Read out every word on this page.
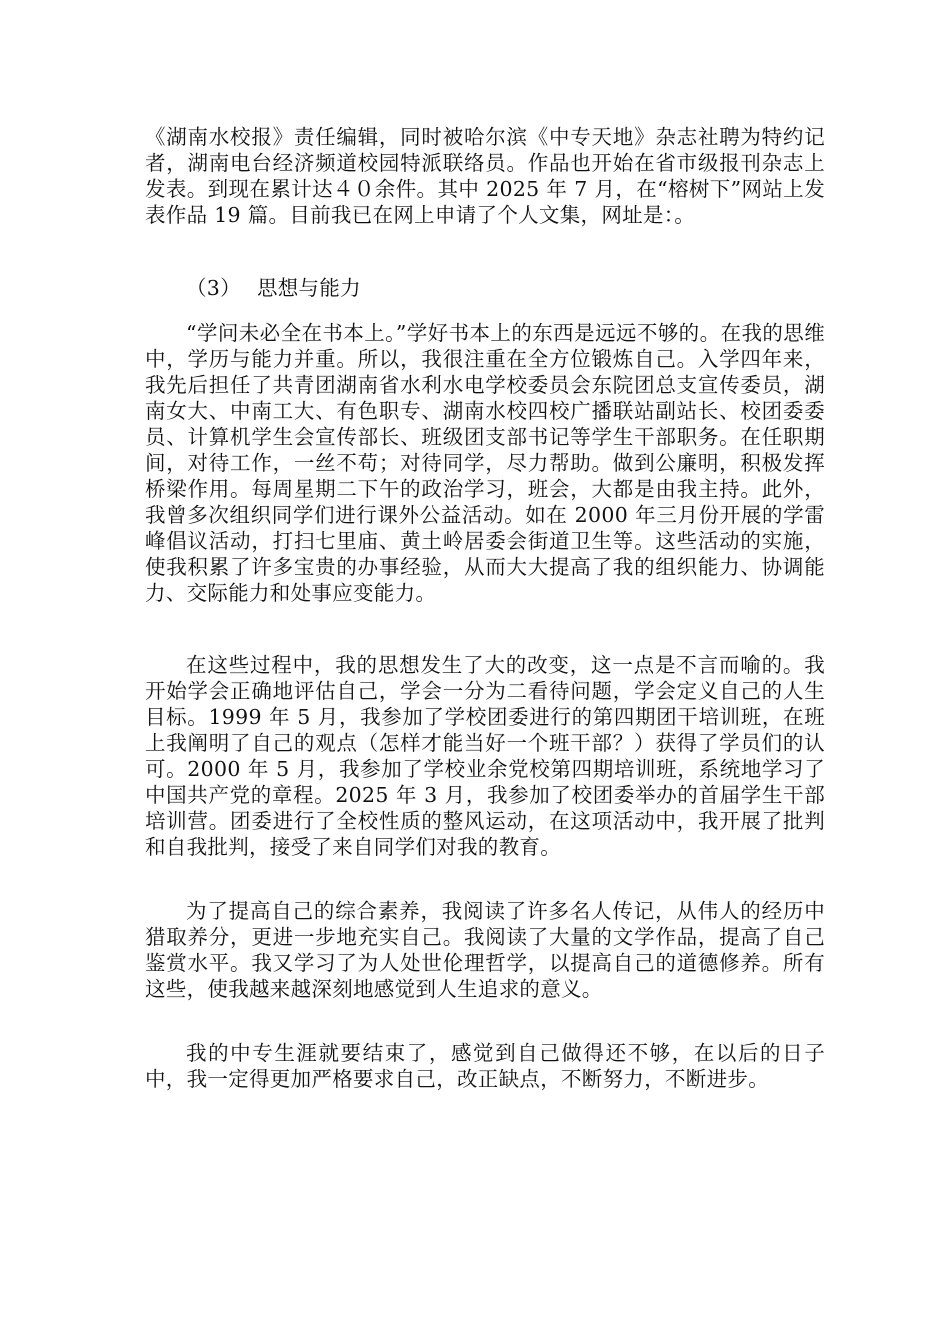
《湖南水校报》责任编辑，同时被哈尔滨《中专天地》杂志社聘为特约记者，湖南电台经济频道校园特派联络员。作品也开始在省市级报刊杂志上发表。到现在累计达４０余件。其中 2025 年 7 月，在“榕树下”网站上发表作品 19 篇。目前我已在网上申请了个人文集，网址是：。

（3） 思想与能力

“学问未必全在书本上。”学好书本上的东西是远远不够的。在我的思维中，学历与能力并重。所以，我很注重在全方位锻炼自己。入学四年来，我先后担任了共青团湖南省水利水电学校委员会东院团总支宣传委员，湖南女大、中南工大、有色职专、湖南水校四校广播联站副站长、校团委委员、计算机学生会宣传部长、班级团支部书记等学生干部职务。在任职期间，对待工作，一丝不苟；对待同学，尽力帮助。做到公廉明，积极发挥桥梁作用。每周星期二下午的政治学习，班会，大都是由我主持。此外，我曾多次组织同学们进行课外公益活动。如在 2000 年三月份开展的学雷峰倡议活动，打扫七里庙、黄土岭居委会街道卫生等。这些活动的实施，使我积累了许多宝贵的办事经验，从而大大提高了我的组织能力、协调能力、交际能力和处事应变能力。

在这些过程中，我的思想发生了大的改变，这一点是不言而喻的。我开始学会正确地评估自己，学会一分为二看待问题，学会定义自己的人生目标。1999 年 5 月，我参加了学校团委进行的第四期团干培训班，在班上我阐明了自己的观点（怎样才能当好一个班干部？）获得了学员们的认可。2000 年 5 月，我参加了学校业余党校第四期培训班，系统地学习了中国共产党的章程。2025 年 3 月，我参加了校团委举办的首届学生干部培训营。团委进行了全校性质的整风运动，在这项活动中，我开展了批判和自我批判，接受了来自同学们对我的教育。

为了提高自己的综合素养，我阅读了许多名人传记，从伟人的经历中猎取养分，更进一步地充实自己。我阅读了大量的文学作品，提高了自己鉴赏水平。我又学习了为人处世伦理哲学，以提高自己的道德修养。所有这些，使我越来越深刻地感觉到人生追求的意义。

我的中专生涯就要结束了，感觉到自己做得还不够，在以后的日子中，我一定得更加严格要求自己，改正缺点，不断努力，不断进步。
